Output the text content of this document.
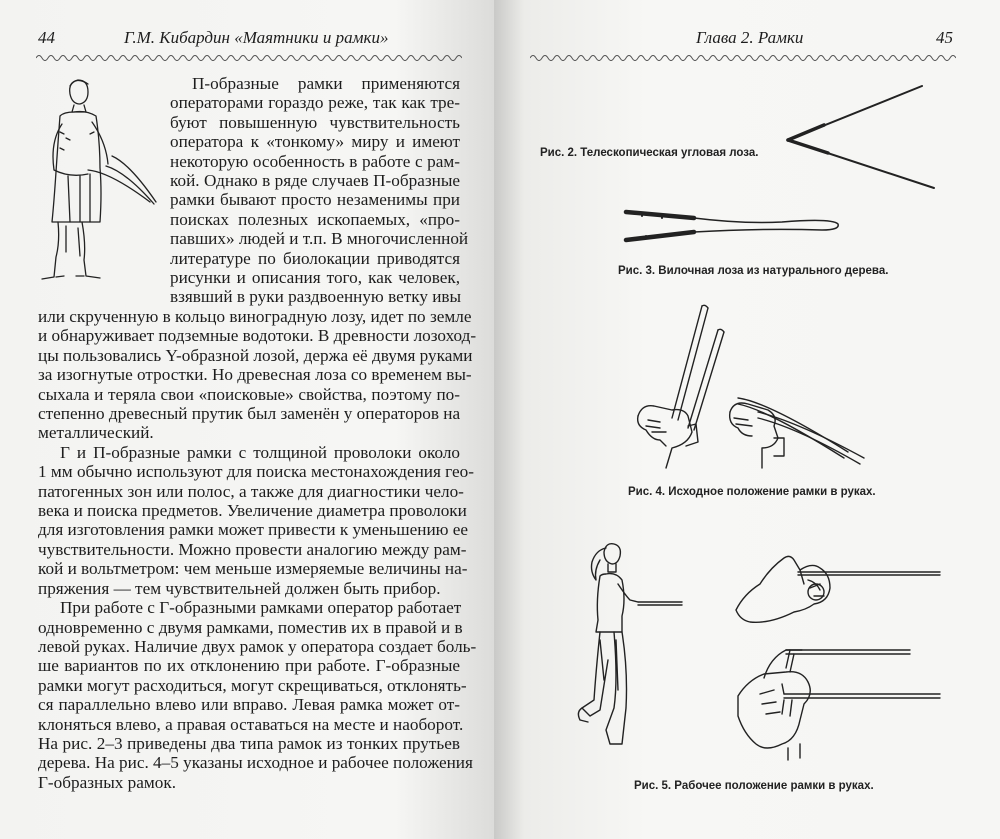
44	Г.М. Кибардин «Маятники и рамки»
П-образные рамки применяются
операторами гораздо реже, так как тре-
буют повышенную чувствительность
оператора к «тонкому» миру и имеют
некоторую особенность в работе с рам-
кой. Однако в ряде случаев П-образные
рамки бывают просто незаменимы при
поисках полезных ископаемых, «про-
павших» людей и т.п. В многочисленной
литературе по биолокации приводятся
рисунки и описания того, как человек,
взявший в руки раздвоенную ветку ивы
или скрученную в кольцо виноградную лозу, идет по земле
и обнаруживает подземные водотоки. В древности лозоход-
цы пользовались Y-образной лозой, держа её двумя руками
за изогнутые отростки. Но древесная лоза со временем вы-
сыхала и теряла свои «поисковые» свойства, поэтому по-
степенно древесный прутик был заменён у операторов на
металлический.
Г и П-образные рамки с толщиной проволоки около
1 мм обычно используют для поиска местонахождения гео-
патогенных зон или полос, а также для диагностики чело-
века и поиска предметов. Увеличение диаметра проволоки
для изготовления рамки может привести к уменьшению ее
чувствительности. Можно провести аналогию между рам-
кой и вольтметром: чем меньше измеряемые величины на-
пряжения — тем чувствительней должен быть прибор.
При работе с Г-образными рамками оператор работает
одновременно с двумя рамками, поместив их в правой и в
левой руках. Наличие двух рамок у оператора создает боль-
ше вариантов по их отклонению при работе. Г-образные
рамки могут расходиться, могут скрещиваться, отклонять-
ся параллельно влево или вправо. Левая рамка может от-
клоняться влево, а правая оставаться на месте и наоборот.
На рис. 2–3 приведены два типа рамок из тонких прутьев
дерева. На рис. 4–5 указаны исходное и рабочее положения
Г-образных рамок.
Глава 2. Рамки	45
Рис. 2. Телескопическая угловая лоза.
Рис. 3. Вилочная лоза из натурального дерева.
Рис. 4. Исходное положение рамки в руках.
Рис. 5. Рабочее положение рамки в руках.
